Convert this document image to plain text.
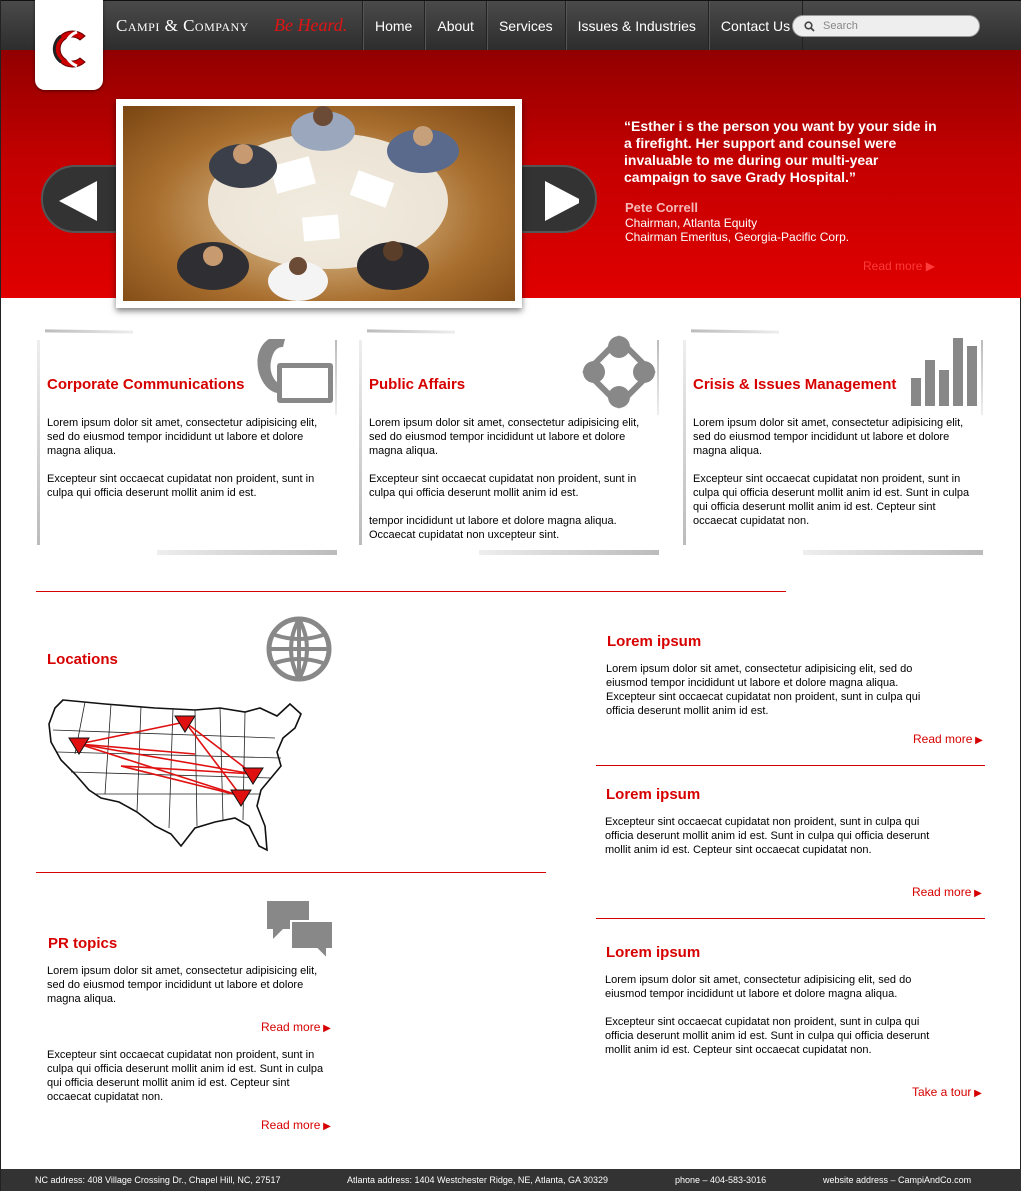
Campi & Company Be Heard.	Home	About	Services	Issues & Industries	Contact Us
Search

“Esther i s the person you want by your side in a firefight. Her support and counsel were invaluable to me during our multi-year campaign to save Grady Hospital.”

Pete Correll
Chairman, Atlanta Equity
Chairman Emeritus, Georgia-Pacific Corp.
Read more ▶
Corporate Communications

Lorem ipsum dolor sit amet, consectetur adipisicing elit, sed do eiusmod tempor incididunt ut labore et dolore magna aliqua.

Excepteur sint occaecat cupidatat non proident, sunt in culpa qui officia deserunt mollit anim id est.

Public Affairs

Lorem ipsum dolor sit amet, consectetur adipisicing elit, sed do eiusmod tempor incididunt ut labore et dolore magna aliqua.

Excepteur sint occaecat cupidatat non proident, sunt in culpa qui officia deserunt mollit anim id est.

tempor incididunt ut labore et dolore magna aliqua. Occaecat cupidatat non uxcepteur sint.

Crisis & Issues Management

Lorem ipsum dolor sit amet, consectetur adipisicing elit, sed do eiusmod tempor incididunt ut labore et dolore magna aliqua.

Excepteur sint occaecat cupidatat non proident, sunt in culpa qui officia deserunt mollit anim id est. Sunt in culpa qui officia deserunt mollit anim id est. Cepteur sint occaecat cupidatat non.

Locations
PR topics

Lorem ipsum dolor sit amet, consectetur adipisicing elit, sed do eiusmod tempor incididunt ut labore et dolore magna aliqua.

Read more ▶

Excepteur sint occaecat cupidatat non proident, sunt in culpa qui officia deserunt mollit anim id est. Sunt in culpa qui officia deserunt mollit anim id est. Cepteur sint occaecat cupidatat non.

Read more ▶
Lorem ipsum

Lorem ipsum dolor sit amet, consectetur adipisicing elit, sed do eiusmod tempor incididunt ut labore et dolore magna aliqua. Excepteur sint occaecat cupidatat non proident, sunt in culpa qui officia deserunt mollit anim id est.

Read more ▶
Lorem ipsum

Excepteur sint occaecat cupidatat non proident, sunt in culpa qui officia deserunt mollit anim id est. Sunt in culpa qui officia deserunt mollit anim id est. Cepteur sint occaecat cupidatat non.

Read more ▶
Lorem ipsum

Lorem ipsum dolor sit amet, consectetur adipisicing elit, sed do eiusmod tempor incididunt ut labore et dolore magna aliqua.

Excepteur sint occaecat cupidatat non proident, sunt in culpa qui officia deserunt mollit anim id est. Sunt in culpa qui officia deserunt mollit anim id est. Cepteur sint occaecat cupidatat non.

Take a tour ▶
NC address: 408 Village Crossing Dr., Chapel Hill, NC, 27517	Atlanta address: 1404 Westchester Ridge, NE, Atlanta, GA 30329	phone – 404-583-3016	website address – CampiAndCo.com
